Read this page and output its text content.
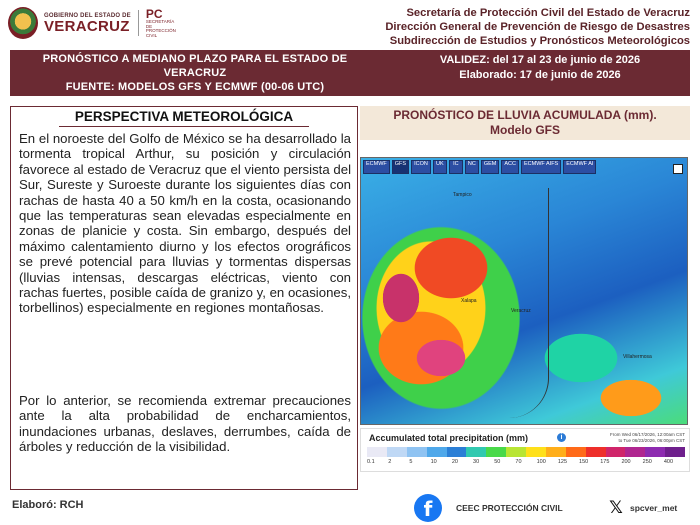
GOBIERNO DEL ESTADO DE
VERACRUZ
PC
SECRETARÍA DE PROTECCIÓN CIVIL
Secretaría de Protección Civil del Estado de Veracruz
Dirección General de Prevención de Riesgo de Desastres
Subdirección de Estudios y Pronósticos Meteorológicos
PRONÓSTICO A MEDIANO PLAZO PARA EL ESTADO DE
VERACRUZ
FUENTE: MODELOS GFS Y ECMWF (00-06 UTC)
VALIDEZ: del 17 al 23 de junio de 2026
Elaborado: 17 de junio de 2026
PERSPECTIVA METEOROLÓGICA

En el noroeste del Golfo de México se ha desarrollado la tormenta tropical Arthur, su posición y circulación favorece al estado de Veracruz que el viento persista del Sur, Sureste y Suroeste durante los siguientes días con rachas de hasta 40 a 50 km/h en la costa, ocasionando que las temperaturas sean elevadas especialmente en zonas de planicie y costa. Sin embargo, después del máximo calentamiento diurno y los efectos orográficos se prevé potencial para lluvias y tormentas dispersas (lluvias intensas, descargas eléctricas, viento con rachas fuertes, posible caída de granizo y, en ocasiones, torbellinos) especialmente en regiones montañosas.

Por lo anterior, se recomienda extremar precauciones ante la alta probabilidad de encharcamientos, inundaciones urbanas, deslaves, derrumbes, caída de árboles y reducción de la visibilidad.

PRONÓSTICO DE LLUVIA ACUMULADA (mm).
Modelo GFS
ECMWF	GFS	ICON	UK	IC	NC	GEM	ACC	ECMWF AIFS	ECMWF AI
Tampico
Xalapa
Veracruz
Villahermosa
Accumulated total precipitation (mm)	i	From Wed 06/17/2026, 12:00am CST
to Tue 06/23/2026, 06:00pm CST
0.1	2	5	10	20	30	50	70	100	125	150	175	200	250	400
Elaboró: RCH	f	CEEC PROTECCIÓN CIVIL	𝕏 spcver_met
